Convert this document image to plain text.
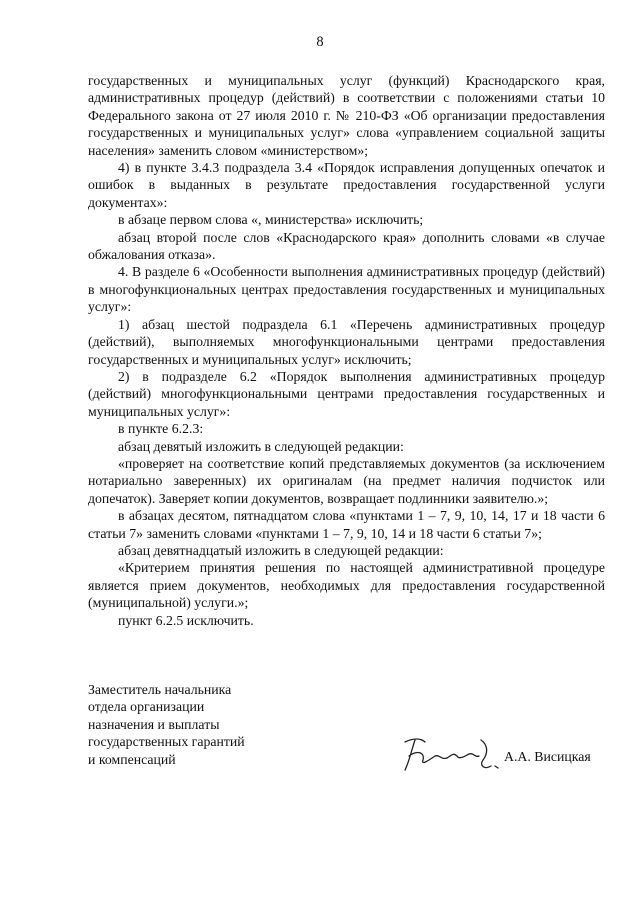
8

государственных и муниципальных услуг (функций) Краснодарского края, административных процедур (действий) в соответствии с положениями статьи 10 Федерального закона от 27 июля 2010 г. № 210-ФЗ «Об организации предоставления государственных и муниципальных услуг» слова «управлением социальной защиты населения» заменить словом «министерством»;

4) в пункте 3.4.3 подраздела 3.4 «Порядок исправления допущенных опечаток и ошибок в выданных в результате предоставления государственной услуги документах»:

в абзаце первом слова «, министерства» исключить;

абзац второй после слов «Краснодарского края» дополнить словами «в случае обжалования отказа».

4. В разделе 6 «Особенности выполнения административных процедур (действий) в многофункциональных центрах предоставления государственных и муниципальных услуг»:

1) абзац шестой подраздела 6.1 «Перечень административных процедур (действий), выполняемых многофункциональными центрами предоставления государственных и муниципальных услуг» исключить;

2) в подразделе 6.2 «Порядок выполнения административных процедур (действий) многофункциональными центрами предоставления государственных и муниципальных услуг»:

в пункте 6.2.3:

абзац девятый изложить в следующей редакции:

«проверяет на соответствие копий представляемых документов (за исключением нотариально заверенных) их оригиналам (на предмет наличия подчисток или допечаток). Заверяет копии документов, возвращает подлинники заявителю.»;

в абзацах десятом, пятнадцатом слова «пунктами 1 – 7, 9, 10, 14, 17 и 18 части 6 статьи 7» заменить словами «пунктами 1 – 7, 9, 10, 14 и 18 части 6 статьи 7»;

абзац девятнадцатый изложить в следующей редакции:

«Критерием принятия решения по настоящей административной процедуре является прием документов, необходимых для предоставления государственной (муниципальной) услуги.»;

пункт 6.2.5 исключить.

Заместитель начальника
отдела организации
назначения и выплаты
государственных гарантий
и компенсаций	А.А. Висицкая
